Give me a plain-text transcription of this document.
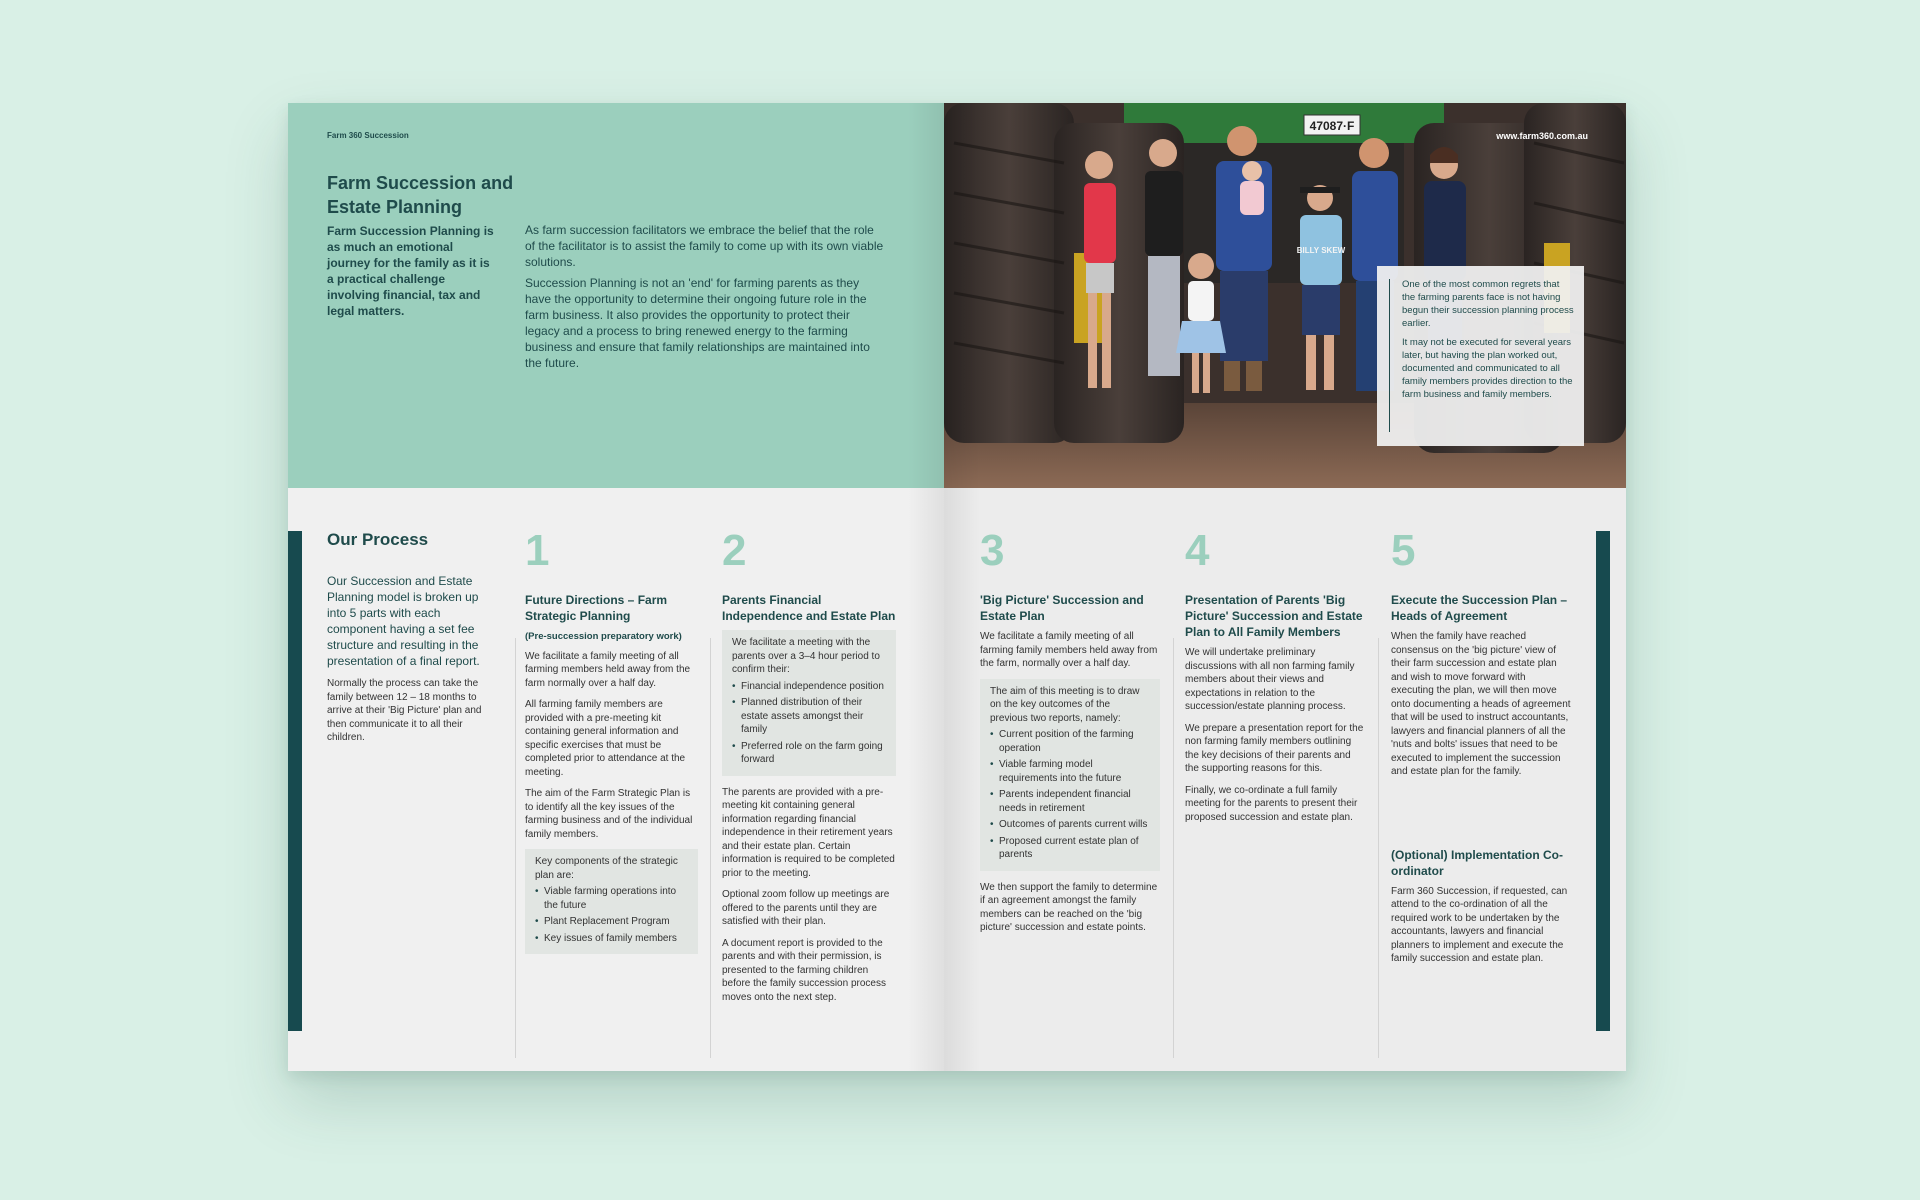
Farm 360 Succession
Farm Succession and Estate Planning
Farm Succession Planning is as much an emotional journey for the family as it is a practical challenge involving financial, tax and legal matters.

As farm succession facilitators we embrace the belief that the role of the facilitator is to assist the family to come up with its own viable solutions.

Succession Planning is not an 'end' for farming parents as they have the opportunity to determine their ongoing future role in the farm business. It also provides the opportunity to protect their legacy and a process to bring renewed energy to the farming business and ensure that family relationships are maintained into the future.

Our Process

Our Succession and Estate Planning model is broken up into 5 parts with each component having a set fee structure and resulting in the presentation of a final report.

Normally the process can take the family between 12 – 18 months to arrive at their 'Big Picture' plan and then communicate it to all their children.

1
Future Directions – Farm Strategic Planning
(Pre-succession preparatory work)

We facilitate a family meeting of all farming members held away from the farm normally over a half day.

All farming family members are provided with a pre-meeting kit containing general information and specific exercises that must be completed prior to attendance at the meeting.

The aim of the Farm Strategic Plan is to identify all the key issues of the farming business and of the individual family members.

Key components of the strategic plan are:
• Viable farming operations into the future
• Plant Replacement Program
• Key issues of family members
2
Parents Financial Independence and Estate Plan
We facilitate a meeting with the parents over a 3–4 hour period to confirm their:
• Financial independence position
• Planned distribution of their estate assets amongst their family
• Preferred role on the farm going forward

The parents are provided with a pre-meeting kit containing general information regarding financial independence in their retirement years and their estate plan. Certain information is required to be completed prior to the meeting.

Optional zoom follow up meetings are offered to the parents until they are satisfied with their plan.

A document report is provided to the parents and with their permission, is presented to the farming children before the family succession process moves onto the next step.

47087·F
BILLY SKEW
www.farm360.com.au

One of the most common regrets that the farming parents face is not having begun their succession planning process earlier.

It may not be executed for several years later, but having the plan worked out, documented and communicated to all family members provides direction to the farm business and family members.

3
'Big Picture' Succession and Estate Plan

We facilitate a family meeting of all farming family members held away from the farm, normally over a half day.

The aim of this meeting is to draw on the key outcomes of the previous two reports, namely:
• Current position of the farming operation
• Viable farming model requirements into the future
• Parents independent financial needs in retirement
• Outcomes of parents current wills
• Proposed current estate plan of parents

We then support the family to determine if an agreement amongst the family members can be reached on the 'big picture' succession and estate points.

4
Presentation of Parents 'Big Picture' Succession and Estate Plan to All Family Members

We will undertake preliminary discussions with all non farming family members about their views and expectations in relation to the succession/estate planning process.

We prepare a presentation report for the non farming family members outlining the key decisions of their parents and the supporting reasons for this.

Finally, we co-ordinate a full family meeting for the parents to present their proposed succession and estate plan.

5
Execute the Succession Plan – Heads of Agreement

When the family have reached consensus on the 'big picture' view of their farm succession and estate plan and wish to move forward with executing the plan, we will then move onto documenting a heads of agreement that will be used to instruct accountants, lawyers and financial planners of all the 'nuts and bolts' issues that need to be executed to implement the succession and estate plan for the family.

(Optional) Implementation Co-ordinator

Farm 360 Succession, if requested, can attend to the co-ordination of all the required work to be undertaken by the accountants, lawyers and financial planners to implement and execute the family succession and estate plan.
